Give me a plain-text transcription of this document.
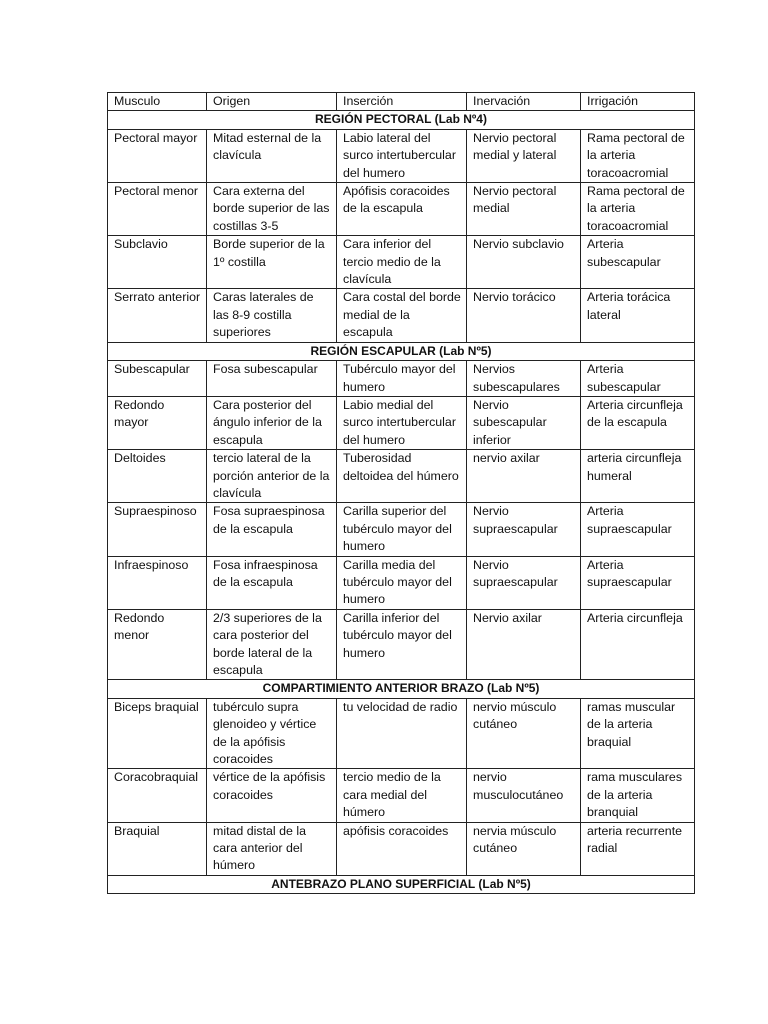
Musculo	Origen	Inserción	Inervación	Irrigación
REGIÓN PECTORAL (Lab Nº4)				
Pectoral mayor	Mitad esternal de la clavícula	Labio lateral del surco intertubercular del humero	Nervio pectoral medial y lateral	Rama pectoral de la arteria toracoacromial
Pectoral menor	Cara externa del borde superior de las costillas 3-5	Apófisis coracoides de la escapula	Nervio pectoral medial	Rama pectoral de la arteria toracoacromial
Subclavio	Borde superior de la 1º costilla	Cara inferior del tercio medio de la clavícula	Nervio subclavio	Arteria subescapular
Serrato anterior	Caras laterales de las 8-9 costilla superiores	Cara costal del borde medial de la escapula	Nervio torácico	Arteria torácica lateral
REGIÓN ESCAPULAR (Lab Nº5)				
Subescapular	Fosa subescapular	Tubérculo mayor del humero	Nervios subescapulares	Arteria subescapular
Redondo mayor	Cara posterior del ángulo inferior de la escapula	Labio medial del surco intertubercular del humero	Nervio subescapular inferior	Arteria circunfleja de la escapula
Deltoides	tercio lateral de la porción anterior de la clavícula	Tuberosidad deltoidea del húmero	nervio axilar	arteria circunfleja humeral
Supraespinoso	Fosa supraespinosa de la escapula	Carilla superior del tubérculo mayor del humero	Nervio supraescapular	Arteria supraescapular
Infraespinoso	Fosa infraespinosa de la escapula	Carilla media del tubérculo mayor del humero	Nervio supraescapular	Arteria supraescapular
Redondo menor	2/3 superiores de la cara posterior del borde lateral de la escapula	Carilla inferior del tubérculo mayor del humero	Nervio axilar	Arteria circunfleja
COMPARTIMIENTO ANTERIOR BRAZO (Lab Nº5)				
Biceps braquial	tubérculo supra glenoideo y vértice de la apófisis coracoides	tu velocidad de radio	nervio músculo cutáneo	ramas muscular de la arteria braquial
Coracobraquial	vértice de la apófisis coracoides	tercio medio de la cara medial del húmero	nervio musculocutáneo	rama musculares de la arteria branquial
Braquial	mitad distal de la cara anterior del húmero	apófisis coracoides	nervia músculo cutáneo	arteria recurrente radial
ANTEBRAZO PLANO SUPERFICIAL (Lab Nº5)				
